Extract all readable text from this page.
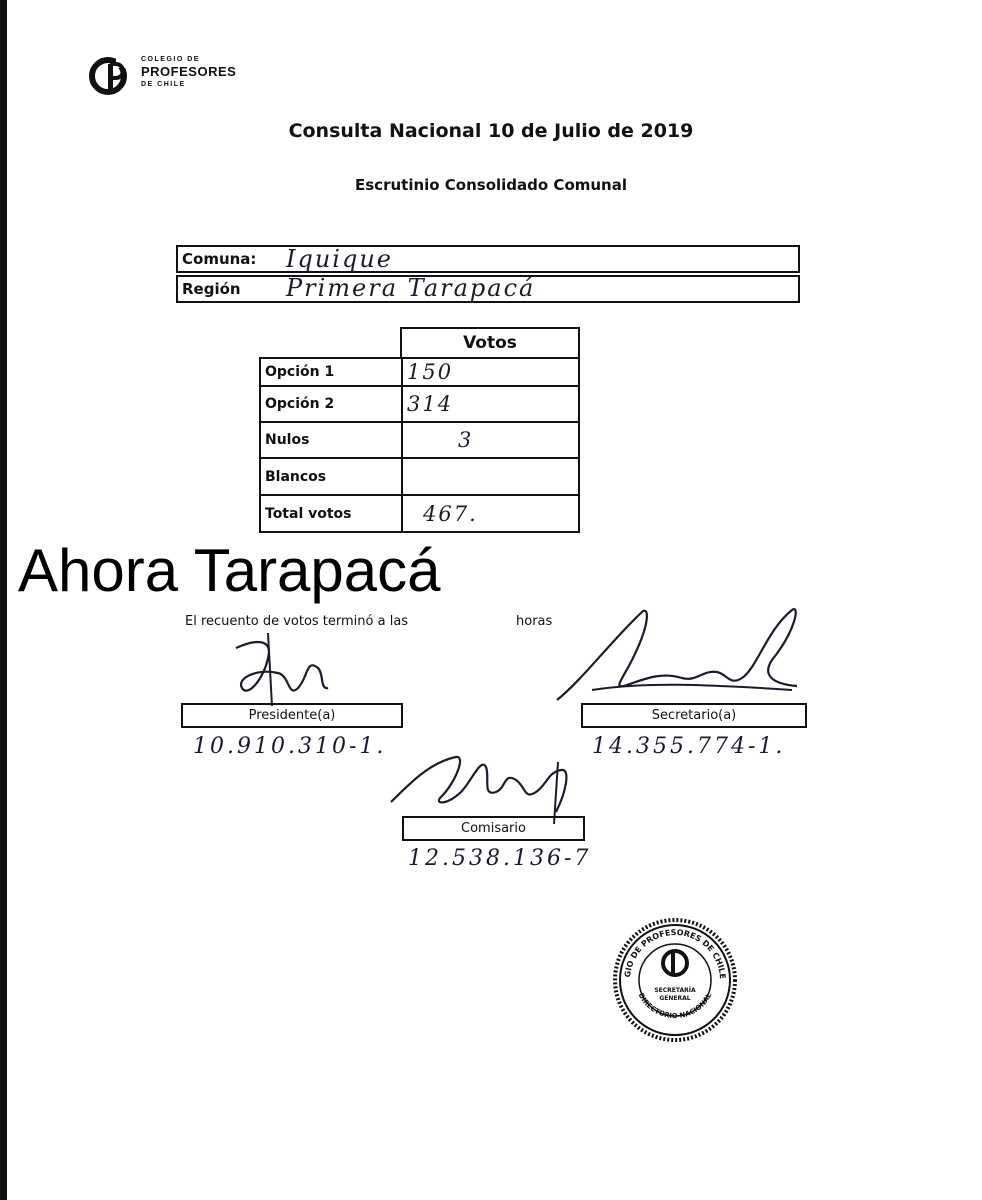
COLEGIO DE
PROFESORES
DE CHILE
Consulta Nacional 10 de Julio de 2019
Escrutinio Consolidado Comunal
Comuna: Iquique
Región Primera Tarapacá
Votos
Opción 1	150
Opción 2	314
Nulos	3
Blancos	
Total votos	467.
Ahora Tarapacá
El recuento de votos terminó a las	horas
Presidente(a)	Secretario(a)
Comisario
10.910.310-1.	14.355.774-1.
12.538.136-7
GIO DE PROFESORES DE CHILE
DIRECTORIO NACIONAL
SECRETARÍA
GENERAL
